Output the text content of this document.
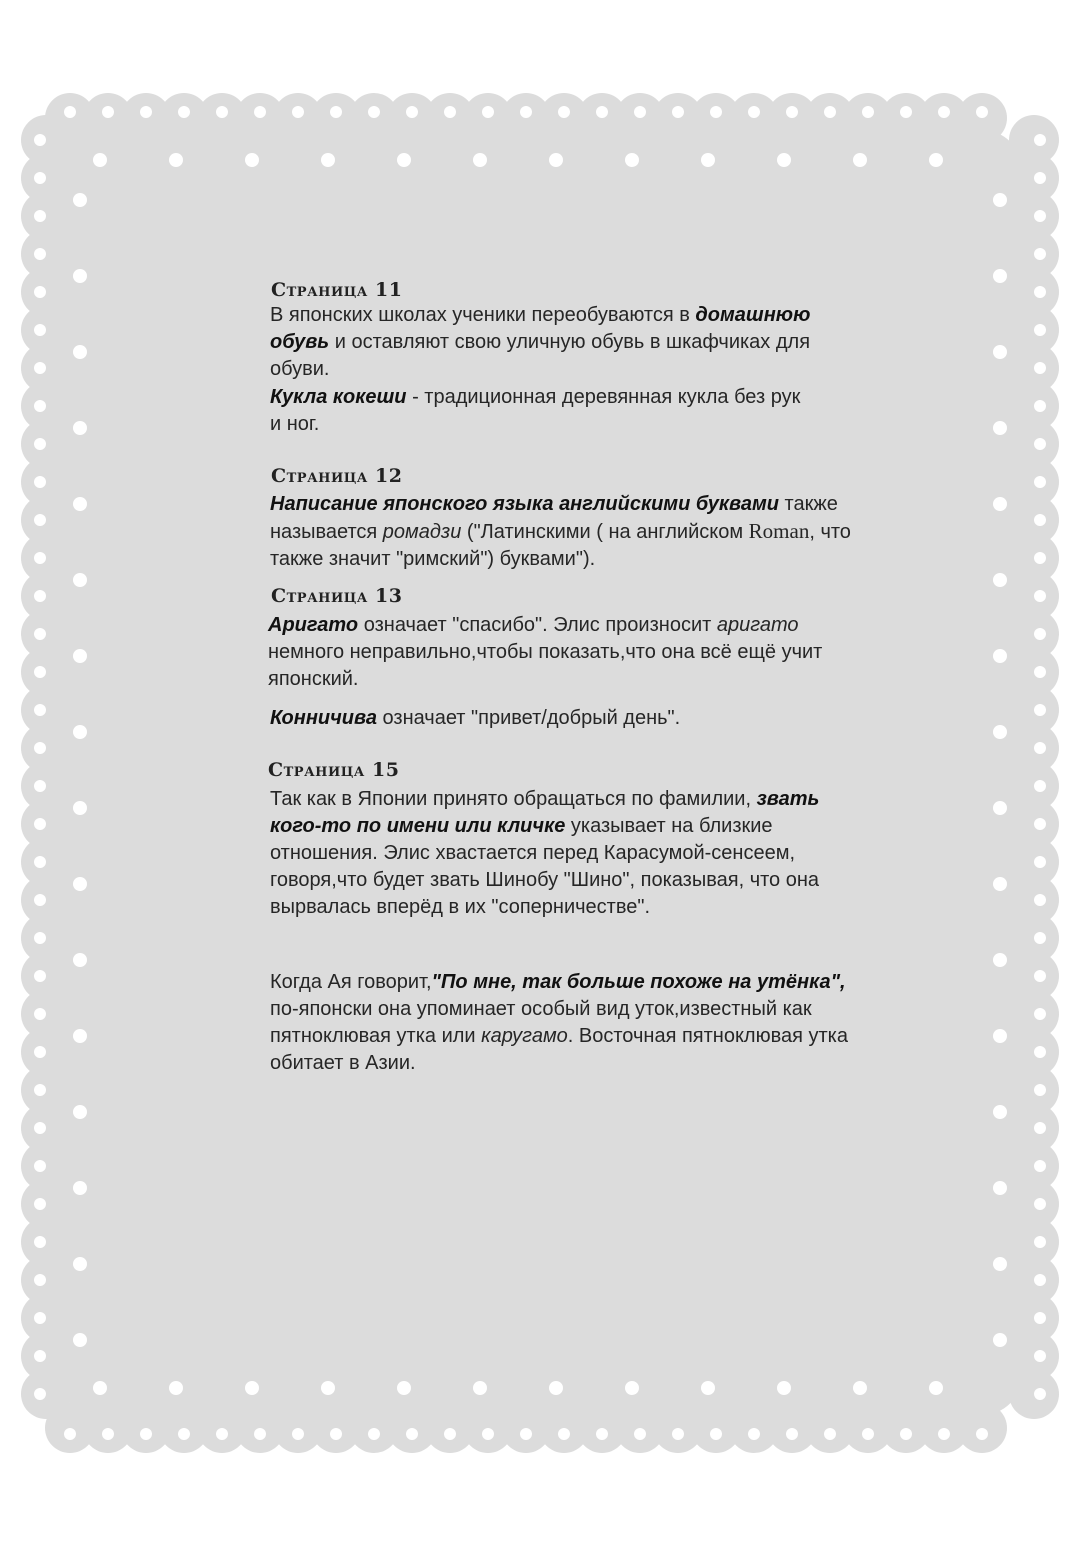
Страница 11
В японских школах ученики переобуваются в домашнюю обувь и оставляют свою уличную обувь в шкафчиках для обуви.
Кукла кокеши - традиционная деревянная кукла без рук и ног.
Страница 12
Написание японского языка английскими буквами также называется ромадзи ("Латинскими ( на английском Roman, что также значит "римский") буквами").
Страница 13
Аригато означает "спасибо". Элис произносит аригато немного неправильно,чтобы показать,что она всё ещё учит японский.
Конничива означает "привет/добрый день".
Страница 15
Так как в Японии принято обращаться по фамилии, звать кого-то по имени или кличке указывает на близкие отношения. Элис хвастается перед Карасумой-сенсеем, говоря,что будет звать Шинобу "Шино", показывая, что она вырвалась вперёд в их "соперничестве".
Когда Ая говорит,"По мне, так больше похоже на утёнка", по-японски она упоминает особый вид уток,известный как пятноклювая утка или каругамо. Восточная пятноклювая утка обитает в Азии.
